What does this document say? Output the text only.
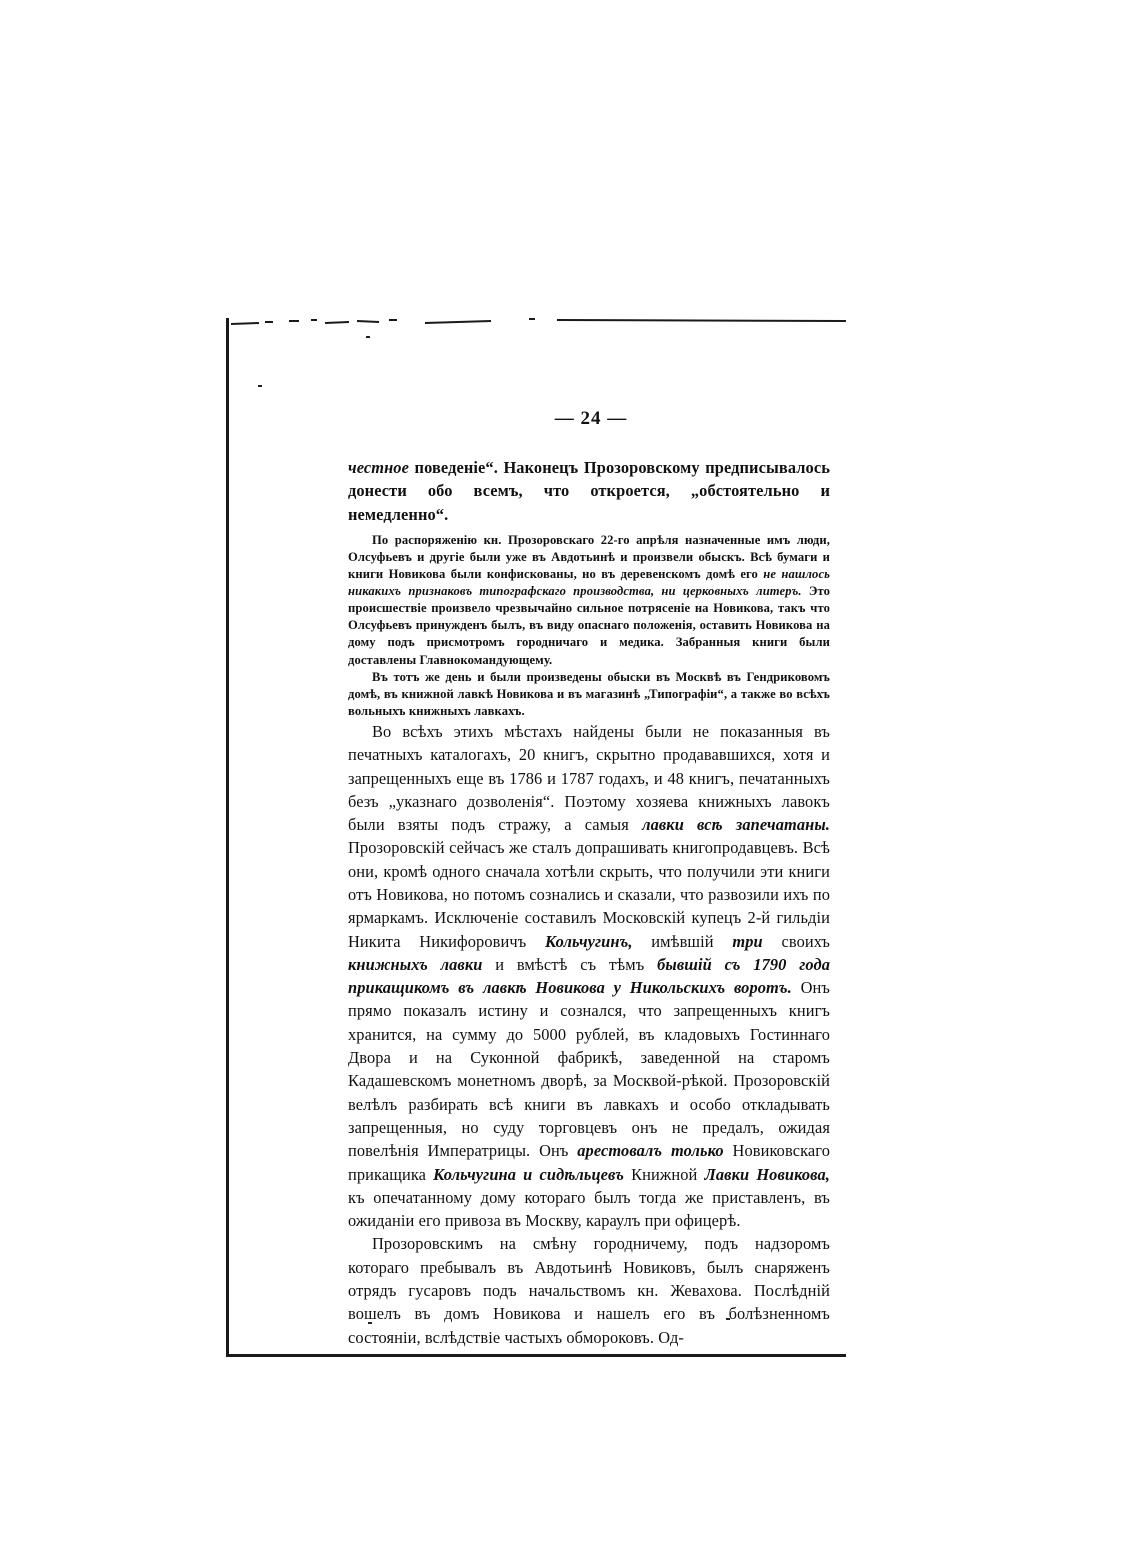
— 24 —

честное поведеніе“. Наконецъ Прозоровскому предписывалось донести обо всемъ, что откроется, „обстоятельно и немедленно“.

По распоряженію кн. Прозоровскаго 22-го апрѣля назначенные имъ люди, Олсуфьевъ и другіе были уже въ Авдотьинѣ и произвели обыскъ. Всѣ бумаги и книги Новикова были конфискованы, но въ деревенскомъ домѣ его не нашлось никакихъ признаковъ типографскаго производства, ни церковныхъ литеръ. Это происшествіе произвело чрезвычайно сильное потрясеніе на Новикова, такъ что Олсуфьевъ принужденъ былъ, въ виду опаснаго положенія, оставить Новикова на дому подъ присмотромъ городничаго и медика. Забранныя книги были доставлены Главнокомандующему.

Въ тотъ же день и были произведены обыски въ Москвѣ въ Гендриковомъ домѣ, въ книжной лавкѣ Новикова и въ магазинѣ „Типографіи“, а также во всѣхъ вольныхъ книжныхъ лавкахъ.

Во всѣхъ этихъ мѣстахъ найдены были не показанныя въ печатныхъ каталогахъ, 20 книгъ, скрытно продававшихся, хотя и запрещенныхъ еще въ 1786 и 1787 годахъ, и 48 книгъ, печатанныхъ безъ „указнаго дозволенія“. Поэтому хозяева книжныхъ лавокъ были взяты подъ стражу, а самыя лавки всѣ запечатаны. Прозоровскій сейчасъ же сталъ допрашивать книгопродавцевъ. Всѣ они, кромѣ одного сначала хотѣли скрыть, что получили эти книги отъ Новикова, но потомъ сознались и сказали, что развозили ихъ по ярмаркамъ. Исключеніе составилъ Московскій купецъ 2-й гильдіи Никита Никифоровичъ Кольчугинъ, имѣвшій три своихъ книжныхъ лавки и вмѣстѣ съ тѣмъ бывшій съ 1790 года прикащикомъ въ лавкѣ Новикова у Никольскихъ воротъ. Онъ прямо показалъ истину и сознался, что запрещенныхъ книгъ хранится, на сумму до 5000 рублей, въ кладовыхъ Гостиннаго Двора и на Суконной фабрикѣ, заведенной на старомъ Кадашевскомъ монетномъ дворѣ, за Москвой-рѣкой. Прозоровскій велѣлъ разбирать всѣ книги въ лавкахъ и особо откладывать запрещенныя, но суду торговцевъ онъ не предалъ, ожидая повелѣнія Императрицы. Онъ арестовалъ только Новиковскаго прикащика Кольчугина и сидѣльцевъ Книжной Лавки Новикова, къ опечатанному дому котораго былъ тогда же приставленъ, въ ожиданіи его привоза въ Москву, караулъ при офицерѣ.

Прозоровскимъ на смѣну городничему, подъ надзоромъ котораго пребывалъ въ Авдотьинѣ Новиковъ, былъ снаряженъ отрядъ гусаровъ подъ начальствомъ кн. Жевахова. Послѣдній вошелъ въ домъ Новикова и нашелъ его въ болѣзненномъ состояніи, вслѣдствіе частыхъ обмороковъ. Од-
